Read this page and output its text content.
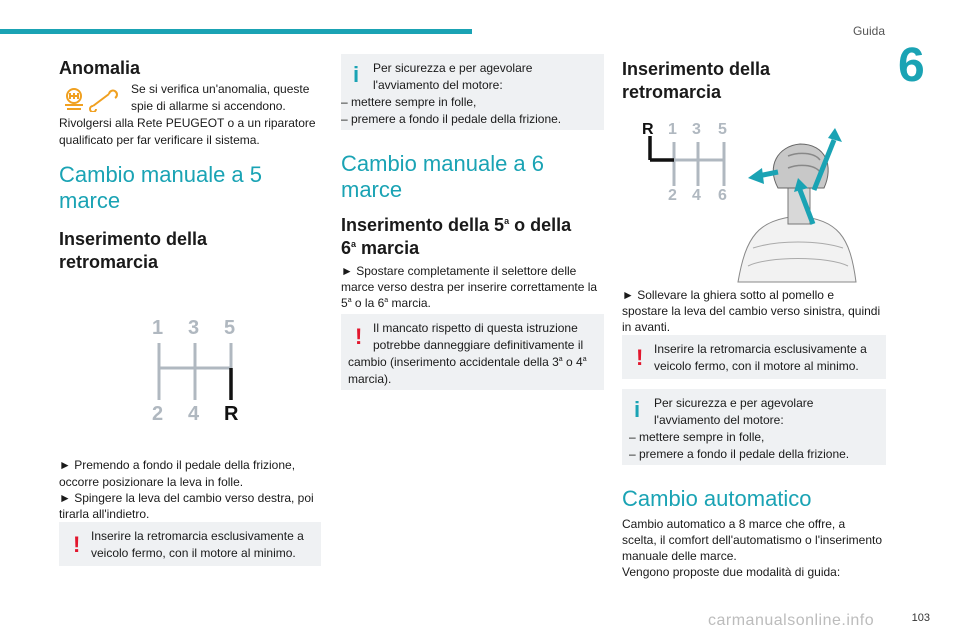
Guida
6
Anomalia

Se si verifica un'anomalia, queste

spie di allarme si accendono.

Rivolgersi alla Rete PEUGEOT o a un riparatore

qualificato per far verificare il sistema.

Cambio manuale a 5
marce
Inserimento della
retromarcia
1 3 5
2 4 R

► Premendo a fondo il pedale della frizione,

occorre posizionare la leva in folle.

► Spingere la leva del cambio verso destra, poi

tirarla all'indietro.

! Inserire la retromarcia esclusivamente a

veicolo fermo, con il motore al minimo.

i Per sicurezza e per agevolare

l'avviamento del motore:

– mettere sempre in folle,

– premere a fondo il pedale della frizione.

Cambio manuale a 6
marce
Inserimento della 5$^a$ o della
6$^a$ marcia

► Spostare completamente il selettore delle

marce verso destra per inserire correttamente la

5$^a$ o la 6$^a$ marcia.

! Il mancato rispetto di questa istruzione

potrebbe danneggiare definitivamente il

cambio (inserimento accidentale della 3$^a$ o 4$^a$

marcia).

Inserimento della
retromarcia
R 1 3 5
2 4 6

► Sollevare la ghiera sotto al pomello e

spostare la leva del cambio verso sinistra, quindi

in avanti.

! Inserire la retromarcia esclusivamente a

veicolo fermo, con il motore al minimo.

i Per sicurezza e per agevolare

l'avviamento del motore:

– mettere sempre in folle,

– premere a fondo il pedale della frizione.

Cambio automatico

Cambio automatico a 8 marce che offre, a

scelta, il comfort dell'automatismo o l'inserimento

manuale delle marce.

Vengono proposte due modalità di guida:

carmanualsonline.info	103
